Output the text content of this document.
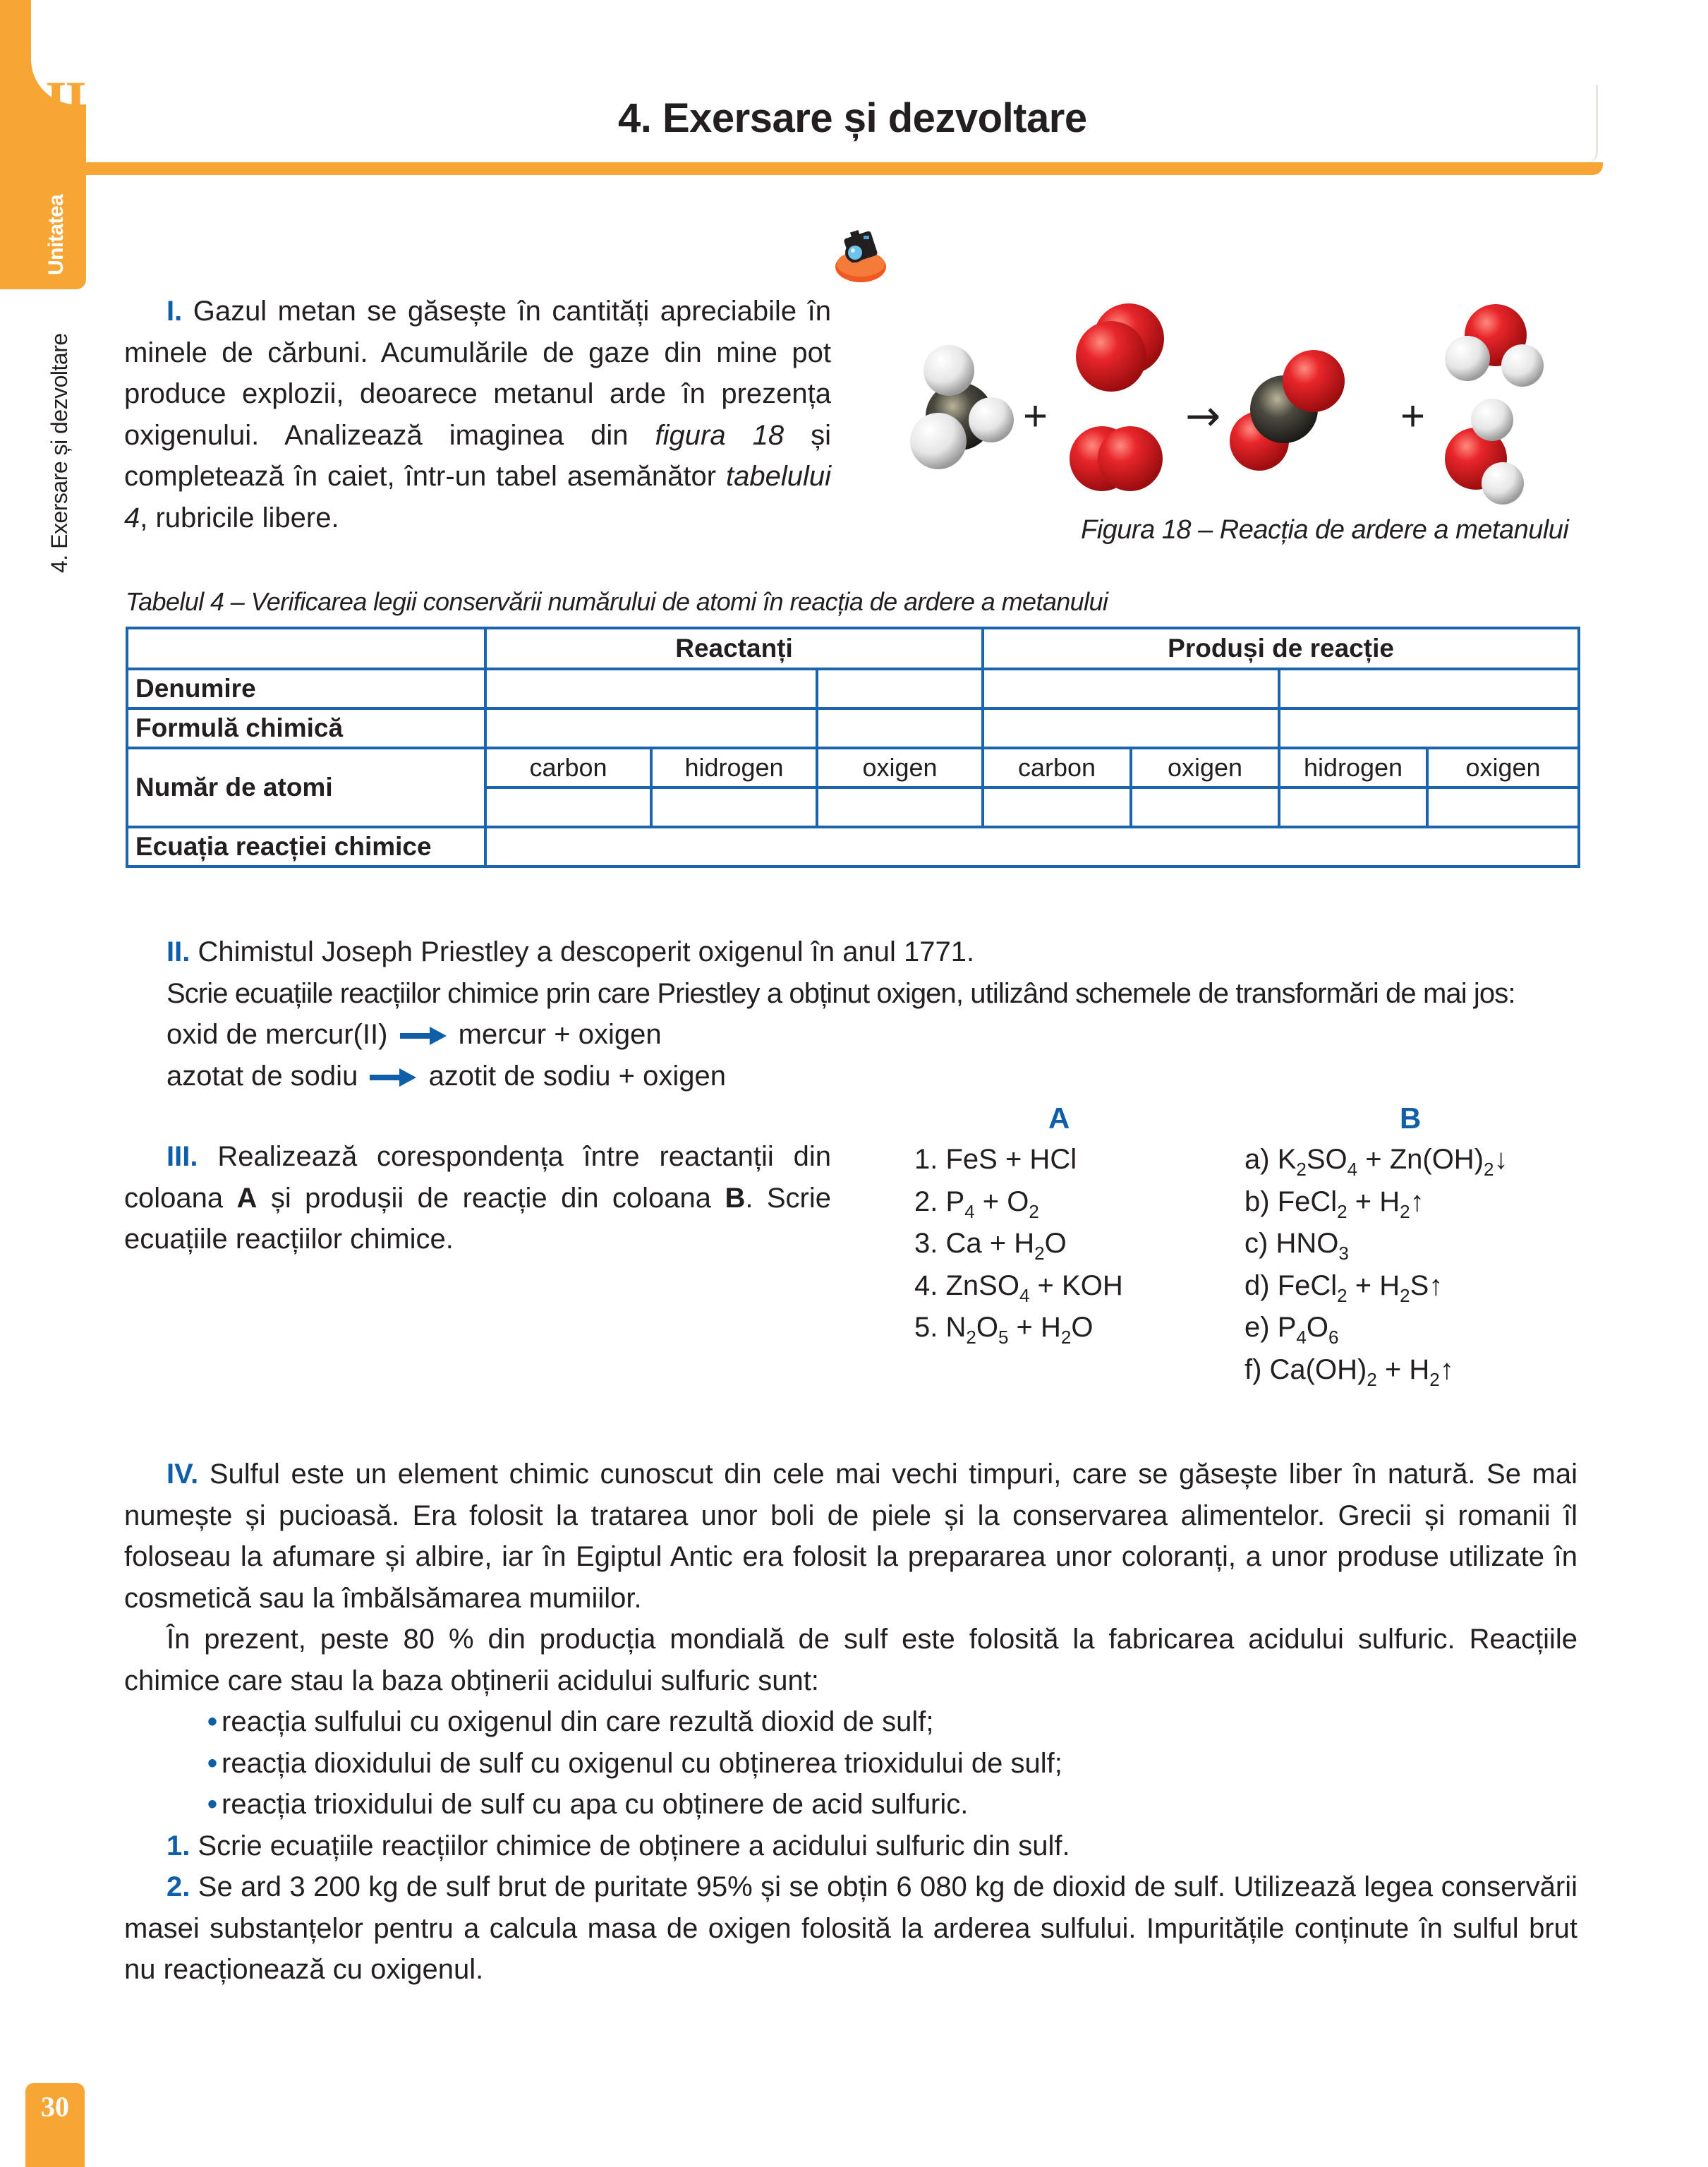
II
Unitatea
4. Exersare și dezvoltare
4. Exersare și dezvoltare
I. Gazul metan se găsește în cantități apreciabile în minele de cărbuni. Acumulările de gaze din mine pot produce explozii, deoarece metanul arde în prezența oxigenului. Analizează imaginea din figura 18 și completează în caiet, într-un tabel asemănător tabelului 4, rubricile libere.
+	→	+
Figura 18 – Reacția de ardere a metanului
Tabelul 4 – Verificarea legii conservării numărului de atomi în reacția de ardere a metanului
	Reactanți			Produși de reacție			
Denumire							
Formulă chimică							
Număr de atomi	carbon	hidrogen	oxigen	carbon	oxigen	hidrogen	oxigen

Ecuația reacției chimice							
II. Chimistul Joseph Priestley a descoperit oxigenul în anul 1771.
Scrie ecuațiile reacțiilor chimice prin care Priestley a obținut oxigen, utilizând schemele de transformări de mai jos:
oxid de mercur(II)	mercur + oxigen
azotat de sodiu	azotit de sodiu + oxigen
III. Realizează corespondența între reactanții din coloana A și produșii de reacție din coloana B. Scrie ecuațiile reacțiilor chimice.
A
1. FeS + HCl
2. $P_4 + O_2$
3. $Ca + H_2O$
4. ZnSO$_4$ + KOH
5. $N_2O_5 + H_2O$
B
a) $K_2SO_4$ + $Zn(OH)_2↓$
b) FeCl$_2$ + $H_2↑$
c) $HNO_3$
d) FeCl$_2$ + $H_2S↑$
e) $P_4O_6$
f) $Ca(OH)_2$ + $H_2↑$
IV. Sulful este un element chimic cunoscut din cele mai vechi timpuri, care se găsește liber în natură. Se mai numește și pucioasă. Era folosit la tratarea unor boli de piele și la conservarea alimentelor. Grecii și romanii îl foloseau la afumare și albire, iar în Egiptul Antic era folosit la prepararea unor coloranți, a unor produse utilizate în cosmetică sau la îmbălsămarea mumiilor.
În prezent, peste 80 % din producția mondială de sulf este folosită la fabricarea acidului sulfuric. Reacțiile chimice care stau la baza obținerii acidului sulfuric sunt:
• reacția sulfului cu oxigenul din care rezultă dioxid de sulf;
• reacția dioxidului de sulf cu oxigenul cu obținerea trioxidului de sulf;
• reacția trioxidului de sulf cu apa cu obținere de acid sulfuric.
1. Scrie ecuațiile reacțiilor chimice de obținere a acidului sulfuric din sulf.
2. Se ard 3 200 kg de sulf brut de puritate 95% și se obțin 6 080 kg de dioxid de sulf. Utilizează legea conservării masei substanțelor pentru a calcula masa de oxigen folosită la arderea sulfului. Impuritățile conținute în sulful brut nu reacționează cu oxigenul.
30
